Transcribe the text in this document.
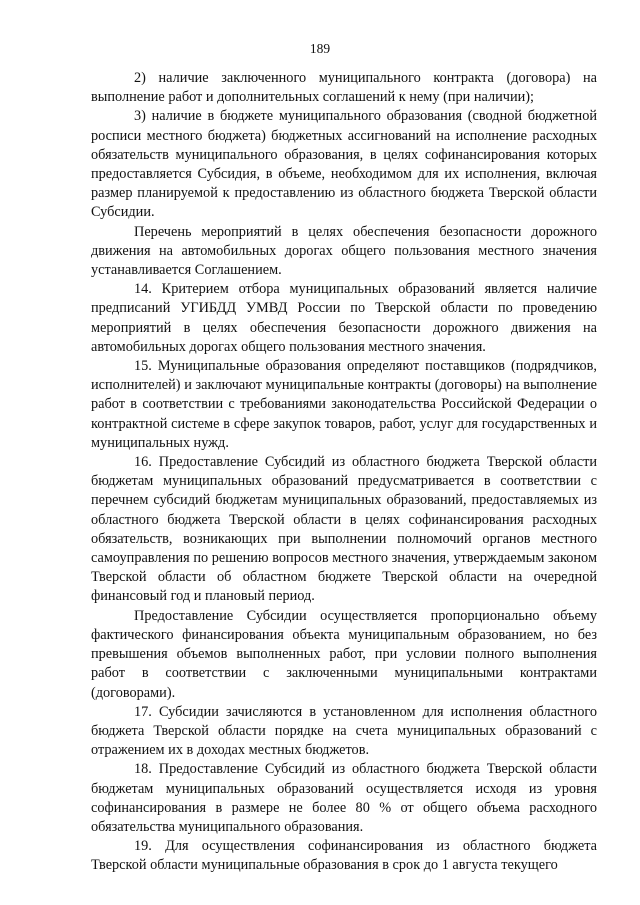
189

2) наличие заключенного муниципального контракта (договора) на выполнение работ и дополнительных соглашений к нему (при наличии);

3) наличие в бюджете муниципального образования (сводной бюджетной росписи местного бюджета) бюджетных ассигнований на исполнение расходных обязательств муниципального образования, в целях софинансирования которых предоставляется Субсидия, в объеме, необходимом для их исполнения, включая размер планируемой к предоставлению из областного бюджета Тверской области Субсидии.

Перечень мероприятий в целях обеспечения безопасности дорожного движения на автомобильных дорогах общего пользования местного значения устанавливается Соглашением.

14. Критерием отбора муниципальных образований является наличие предписаний УГИБДД УМВД России по Тверской области по проведению мероприятий в целях обеспечения безопасности дорожного движения на автомобильных дорогах общего пользования местного значения.

15. Муниципальные образования определяют поставщиков (подрядчиков, исполнителей) и заключают муниципальные контракты (договоры) на выполнение работ в соответствии с требованиями законодательства Российской Федерации о контрактной системе в сфере закупок товаров, работ, услуг для государственных и муниципальных нужд.

16. Предоставление Субсидий из областного бюджета Тверской области бюджетам муниципальных образований предусматривается в соответствии с перечнем субсидий бюджетам муниципальных образований, предоставляемых из областного бюджета Тверской области в целях софинансирования расходных обязательств, возникающих при выполнении полномочий органов местного самоуправления по решению вопросов местного значения, утверждаемым законом Тверской области об областном бюджете Тверской области на очередной финансовый год и плановый период.

Предоставление Субсидии осуществляется пропорционально объему фактического финансирования объекта муниципальным образованием, но без превышения объемов выполненных работ, при условии полного выполнения работ в соответствии с заключенными муниципальными контрактами (договорами).

17. Субсидии зачисляются в установленном для исполнения областного бюджета Тверской области порядке на счета муниципальных образований с отражением их в доходах местных бюджетов.

18. Предоставление Субсидий из областного бюджета Тверской области бюджетам муниципальных образований осуществляется исходя из уровня софинансирования в размере не более 80 % от общего объема расходного обязательства муниципального образования.

19. Для осуществления софинансирования из областного бюджета Тверской области муниципальные образования в срок до 1 августа текущего
